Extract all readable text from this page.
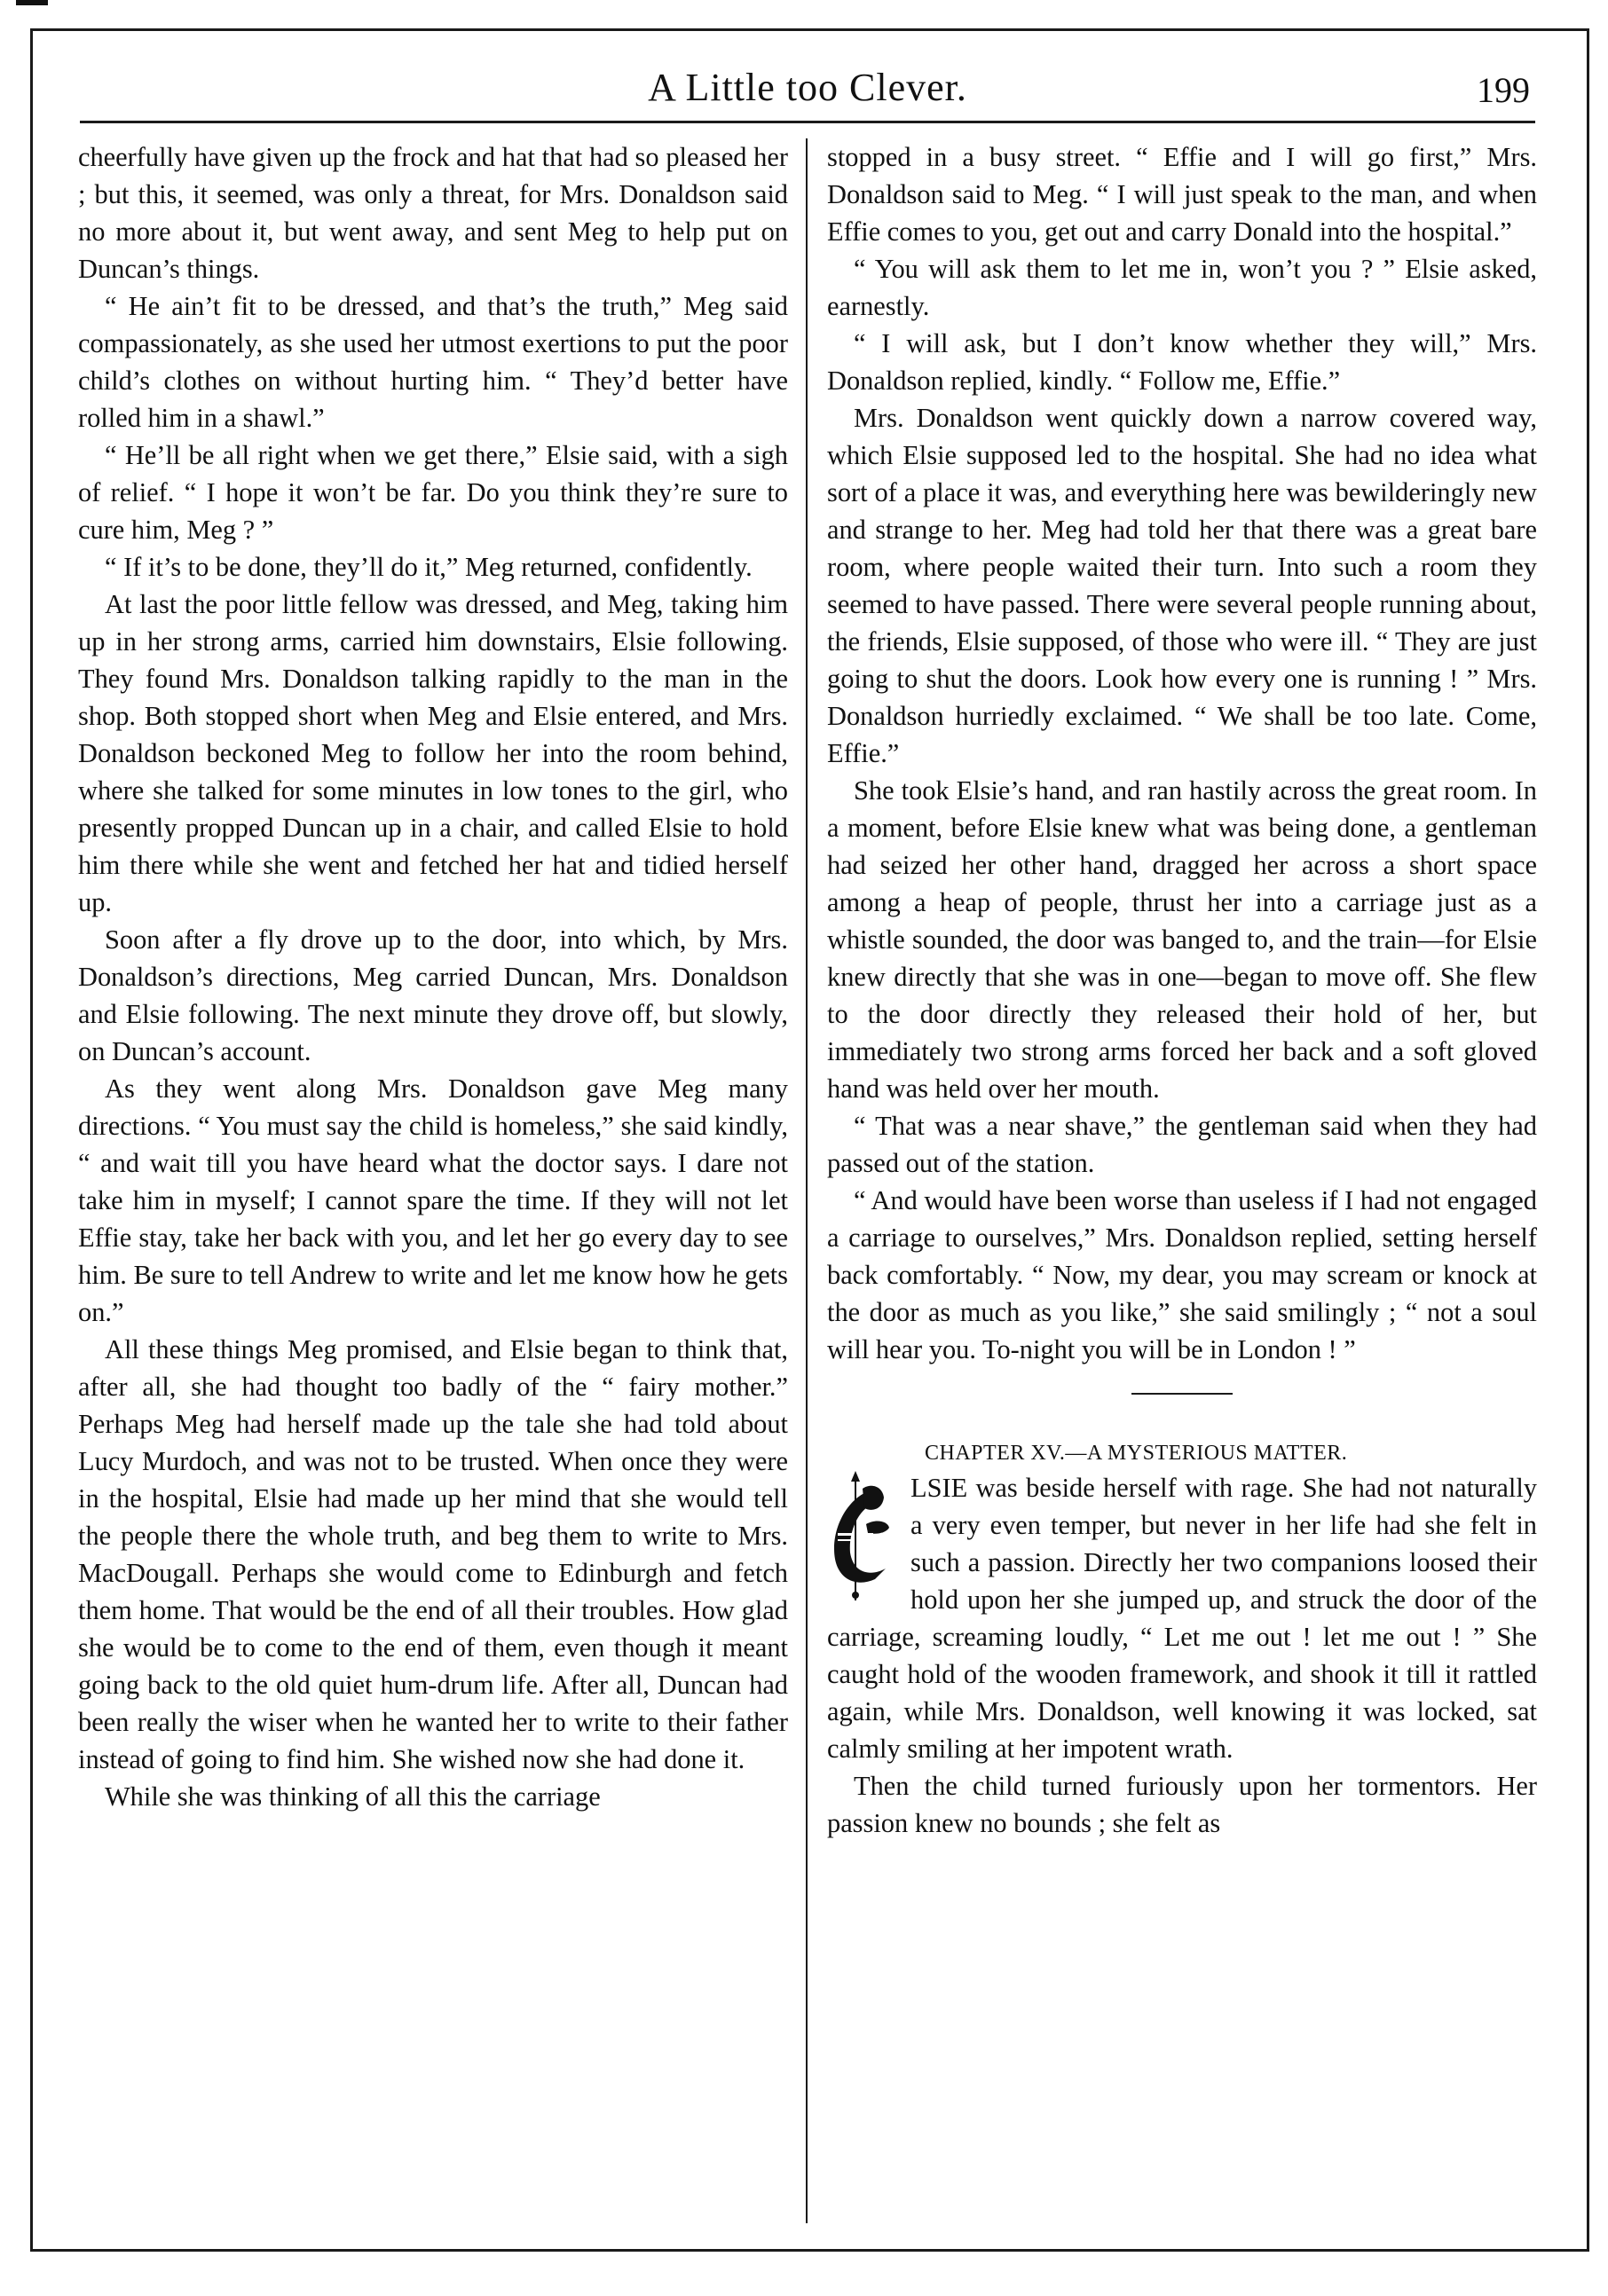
A Little too Clever.	199

cheerfully have given up the frock and hat that had so pleased her ; but this, it seemed, was only a threat, for Mrs. Donaldson said no more about it, but went away, and sent Meg to help put on Duncan’s things.

“ He ain’t fit to be dressed, and that’s the truth,” Meg said compassionately, as she used her utmost exertions to put the poor child’s clothes on without hurting him. “ They’d better have rolled him in a shawl.”

“ He’ll be all right when we get there,” Elsie said, with a sigh of relief. “ I hope it won’t be far. Do you think they’re sure to cure him, Meg ? ”

“ If it’s to be done, they’ll do it,” Meg returned, confidently.

At last the poor little fellow was dressed, and Meg, taking him up in her strong arms, carried him downstairs, Elsie following. They found Mrs. Donaldson talking rapidly to the man in the shop. Both stopped short when Meg and Elsie entered, and Mrs. Donaldson beckoned Meg to follow her into the room behind, where she talked for some minutes in low tones to the girl, who presently propped Duncan up in a chair, and called Elsie to hold him there while she went and fetched her hat and tidied herself up.

Soon after a fly drove up to the door, into which, by Mrs. Donaldson’s directions, Meg carried Duncan, Mrs. Donaldson and Elsie following. The next minute they drove off, but slowly, on Duncan’s account.

As they went along Mrs. Donaldson gave Meg many directions. “ You must say the child is homeless,” she said kindly, “ and wait till you have heard what the doctor says. I dare not take him in myself; I cannot spare the time. If they will not let Effie stay, take her back with you, and let her go every day to see him. Be sure to tell Andrew to write and let me know how he gets on.”

All these things Meg promised, and Elsie began to think that, after all, she had thought too badly of the “ fairy mother.” Perhaps Meg had herself made up the tale she had told about Lucy Murdoch, and was not to be trusted. When once they were in the hospital, Elsie had made up her mind that she would tell the people there the whole truth, and beg them to write to Mrs. MacDougall. Perhaps she would come to Edinburgh and fetch them home. That would be the end of all their troubles. How glad she would be to come to the end of them, even though it meant going back to the old quiet hum-drum life. After all, Duncan had been really the wiser when he wanted her to write to their father instead of going to find him. She wished now she had done it.

While she was thinking of all this the carriage

stopped in a busy street. “ Effie and I will go first,” Mrs. Donaldson said to Meg. “ I will just speak to the man, and when Effie comes to you, get out and carry Donald into the hospital.”

“ You will ask them to let me in, won’t you ? ” Elsie asked, earnestly.

“ I will ask, but I don’t know whether they will,” Mrs. Donaldson replied, kindly. “ Follow me, Effie.”

Mrs. Donaldson went quickly down a narrow covered way, which Elsie supposed led to the hospital. She had no idea what sort of a place it was, and everything here was bewilderingly new and strange to her. Meg had told her that there was a great bare room, where people waited their turn. Into such a room they seemed to have passed. There were several people running about, the friends, Elsie supposed, of those who were ill. “ They are just going to shut the doors. Look how every one is running ! ” Mrs. Donaldson hurriedly exclaimed. “ We shall be too late. Come, Effie.”

She took Elsie’s hand, and ran hastily across the great room. In a moment, before Elsie knew what was being done, a gentleman had seized her other hand, dragged her across a short space among a heap of people, thrust her into a carriage just as a whistle sounded, the door was banged to, and the train—for Elsie knew directly that she was in one—began to move off. She flew to the door directly they released their hold of her, but immediately two strong arms forced her back and a soft gloved hand was held over her mouth.

“ That was a near shave,” the gentleman said when they had passed out of the station.

“ And would have been worse than useless if I had not engaged a carriage to ourselves,” Mrs. Donaldson replied, setting herself back comfortably. “ Now, my dear, you may scream or knock at the door as much as you like,” she said smilingly ; “ not a soul will hear you. To-night you will be in London ! ”

CHAPTER XV.—A MYSTERIOUS MATTER.

LSIE was beside herself with rage. She had not naturally a very even temper, but never in her life had she felt in such a passion. Directly her two companions loosed their hold upon her she jumped up, and struck the door of the carriage, screaming loudly, “ Let me out ! let me out ! ” She caught hold of the wooden framework, and shook it till it rattled again, while Mrs. Donaldson, well knowing it was locked, sat calmly smiling at her impotent wrath.

Then the child turned furiously upon her tormentors. Her passion knew no bounds ; she felt as
